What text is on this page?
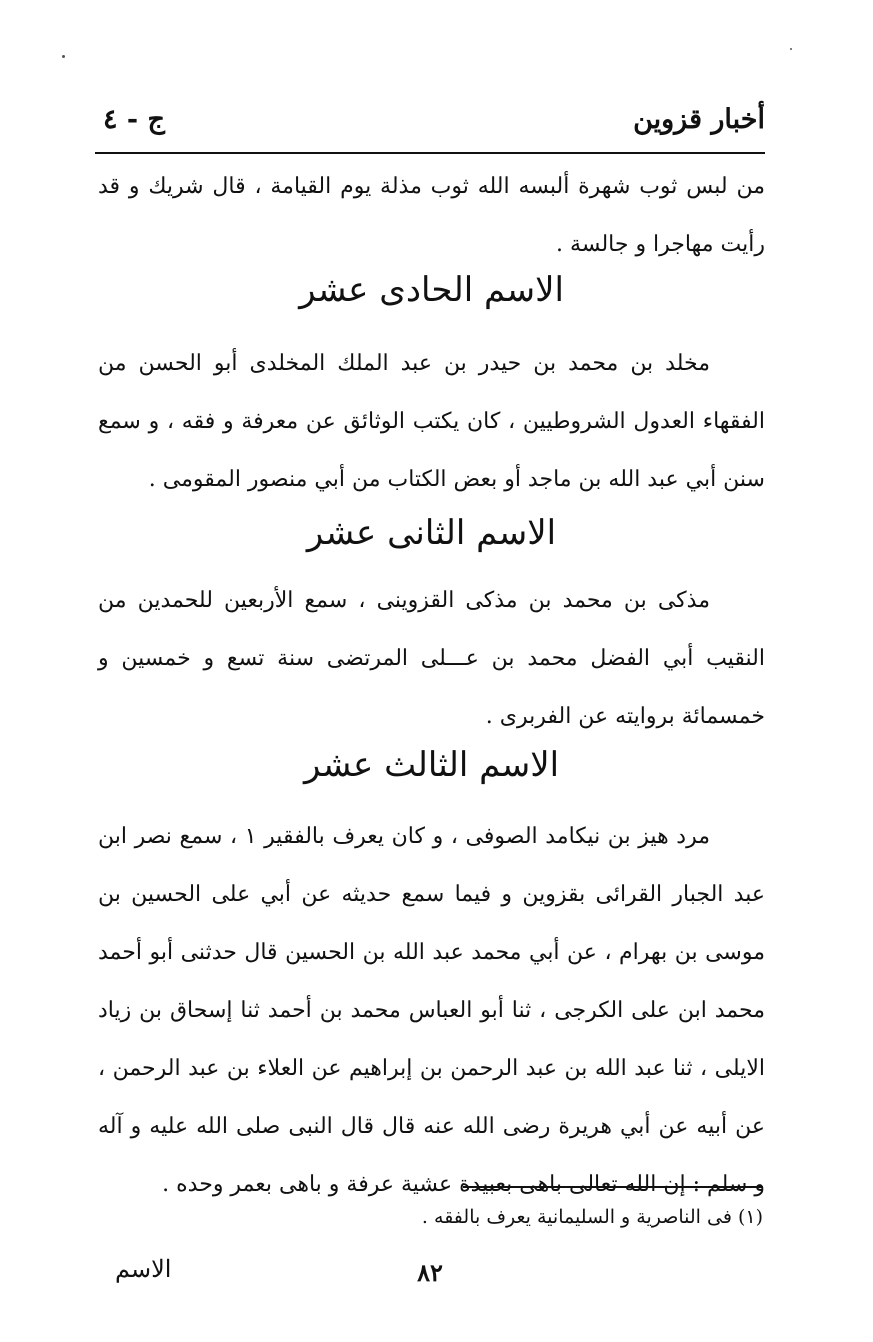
أخبار قزوين
ج - ٤
من لبس ثوب شهرة ألبسه الله ثوب مذلة يوم القيامة ، قال شريك و قد رأيت مهاجرا و جالسة .
الاسم الحادى عشر
مخلد بن محمد بن حيدر بن عبد الملك المخلدى أبو الحسن من الفقهاء العدول الشروطيين ، كان يكتب الوثائق عن معرفة و فقه ، و سمع سنن أبي عبد الله بن ماجد أو بعض الكتاب من أبي منصور المقومى .
الاسم الثانى عشر
مذكى بن محمد بن مذكى القزوينى ، سمع الأربعين للحمدين من النقيب أبي الفضل محمد بن عـــلى المرتضى سنة تسع و خمسين و خمسمائة بروايته عن الفربرى .
الاسم الثالث عشر
مرد هيز بن نيكامد الصوفى ، و كان يعرف بالفقير ١ ، سمع نصر ابن عبد الجبار القرائى بقزوين و فيما سمع حديثه عن أبي على الحسين بن موسى بن بهرام ، عن أبي محمد عبد الله بن الحسين قال حدثنى أبو أحمد محمد ابن على الكرجى ، ثنا أبو العباس محمد بن أحمد ثنا إسحاق بن زياد الايلى ، ثنا عبد الله بن عبد الرحمن بن إبراهيم عن العلاء بن عبد الرحمن ، عن أبيه عن أبي هريرة رضى الله عنه قال قال النبى صلى الله عليه و آله و سلم : إن الله تعالى باهى بعبيدة عشية عرفة و باهى بعمر وحده .
(١) فى الناصرية و السليمانية يعرف بالفقه .
الاسم	٨٢
